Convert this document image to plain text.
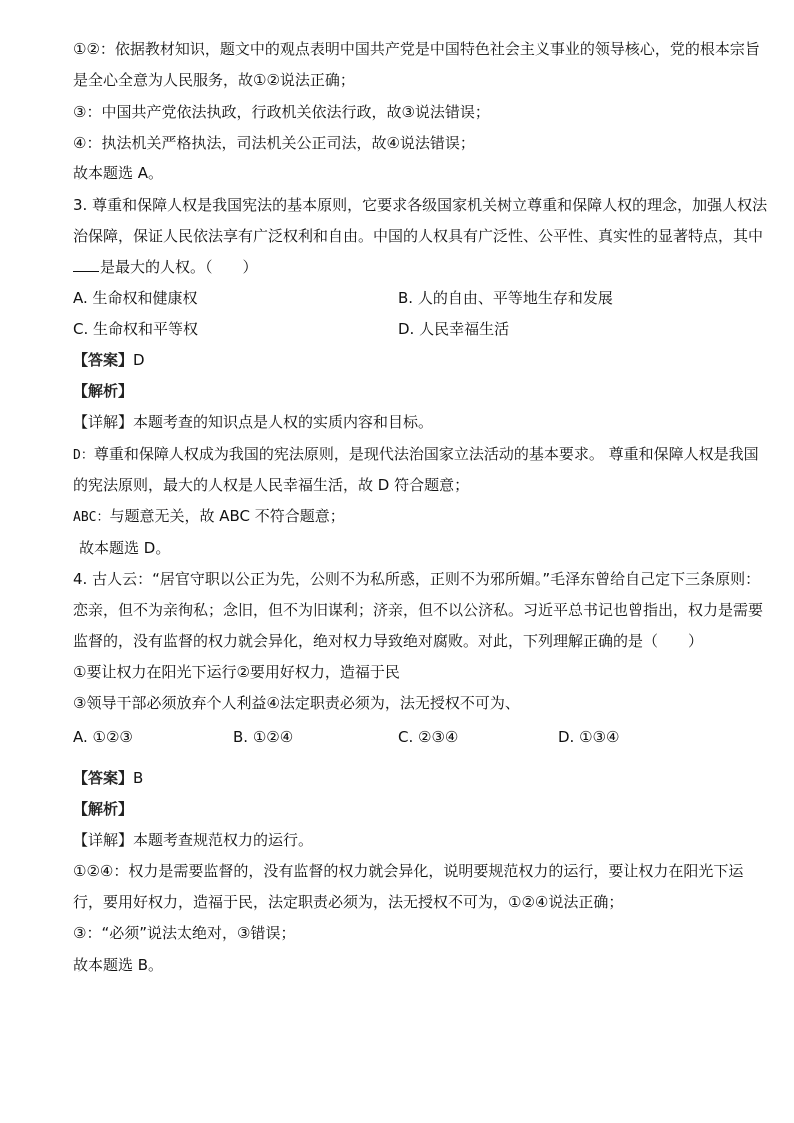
①②：依据教材知识，题文中的观点表明中国共产党是中国特色社会主义事业的领导核心，党的根本宗旨
是全心全意为人民服务，故①②说法正确；
③：中国共产党依法执政，行政机关依法行政，故③说法错误；
④：执法机关严格执法，司法机关公正司法，故④说法错误；
故本题选 A。
3. 尊重和保障人权是我国宪法的基本原则，它要求各级国家机关树立尊重和保障人权的理念，加强人权法
治保障，保证人民依法享有广泛权利和自由。中国的人权具有广泛性、公平性、真实性的显著特点，其中
是最大的人权。（　　）
A. 生命权和健康权	B. 人的自由、平等地生存和发展
C. 生命权和平等权	D. 人民幸福生活
【答案】D
【解析】
【详解】本题考查的知识点是人权的实质内容和目标。
D：尊重和保障人权成为我国的宪法原则，是现代法治国家立法活动的基本要求。 尊重和保障人权是我国
的宪法原则，最大的人权是人民幸福生活，故 D 符合题意；
ABC：与题意无关，故 ABC 不符合题意；
故本题选 D。
4. 古人云：“居官守职以公正为先，公则不为私所惑，正则不为邪所媚。”毛泽东曾给自己定下三条原则：
恋亲，但不为亲徇私；念旧，但不为旧谋利；济亲，但不以公济私。习近平总书记也曾指出，权力是需要
监督的，没有监督的权力就会异化，绝对权力导致绝对腐败。对此，下列理解正确的是（　　）
①要让权力在阳光下运行②要用好权力，造福于民
③领导干部必须放弃个人利益④法定职责必须为，法无授权不可为、
A. ①②③	B. ①②④	C. ②③④	D. ①③④
【答案】B
【解析】
【详解】本题考查规范权力的运行。
①②④：权力是需要监督的，没有监督的权力就会异化，说明要规范权力的运行，要让权力在阳光下运
行，要用好权力，造福于民，法定职责必须为，法无授权不可为，①②④说法正确；
③：“必须”说法太绝对，③错误；
故本题选 B。
